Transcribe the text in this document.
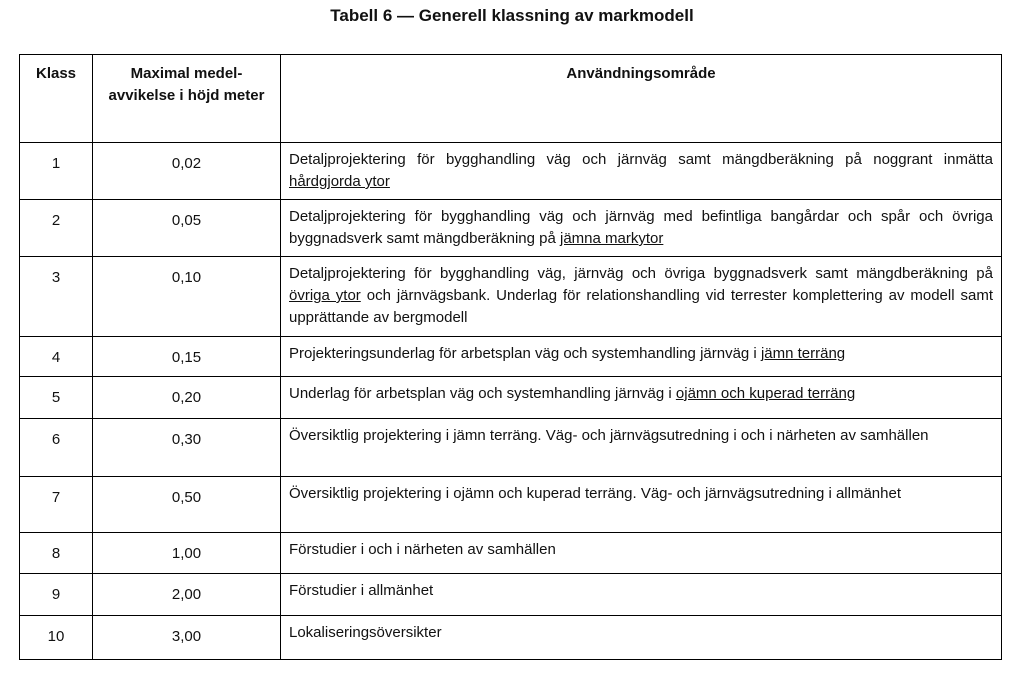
Tabell 6 — Generell klassning av markmodell
Klass	Maximal medel-avvikelse i höjd meter	Användningsområde
1	0,02	Detaljprojektering för bygghandling väg och järnväg samt mängdberäkning på noggrant inmätta hårdgjorda ytor
2	0,05	Detaljprojektering för bygghandling väg och järnväg med befintliga bangårdar och spår och övriga byggnadsverk samt mängdberäkning på jämna markytor
3	0,10	Detaljprojektering för bygghandling väg, järnväg och övriga byggnadsverk samt mängdberäkning på övriga ytor och järnvägsbank. Underlag för relationshandling vid terrester komplettering av modell samt upprättande av bergmodell
4	0,15	Projekteringsunderlag för arbetsplan väg och systemhandling järnväg i jämn terräng
5	0,20	Underlag för arbetsplan väg och systemhandling järnväg i ojämn och kuperad terräng
6	0,30	Översiktlig projektering i jämn terräng. Väg- och järnvägsutredning i och i närheten av samhällen
7	0,50	Översiktlig projektering i ojämn och kuperad terräng. Väg- och järnvägsutredning i allmänhet
8	1,00	Förstudier i och i närheten av samhällen
9	2,00	Förstudier i allmänhet
10	3,00	Lokaliseringsöversikter
